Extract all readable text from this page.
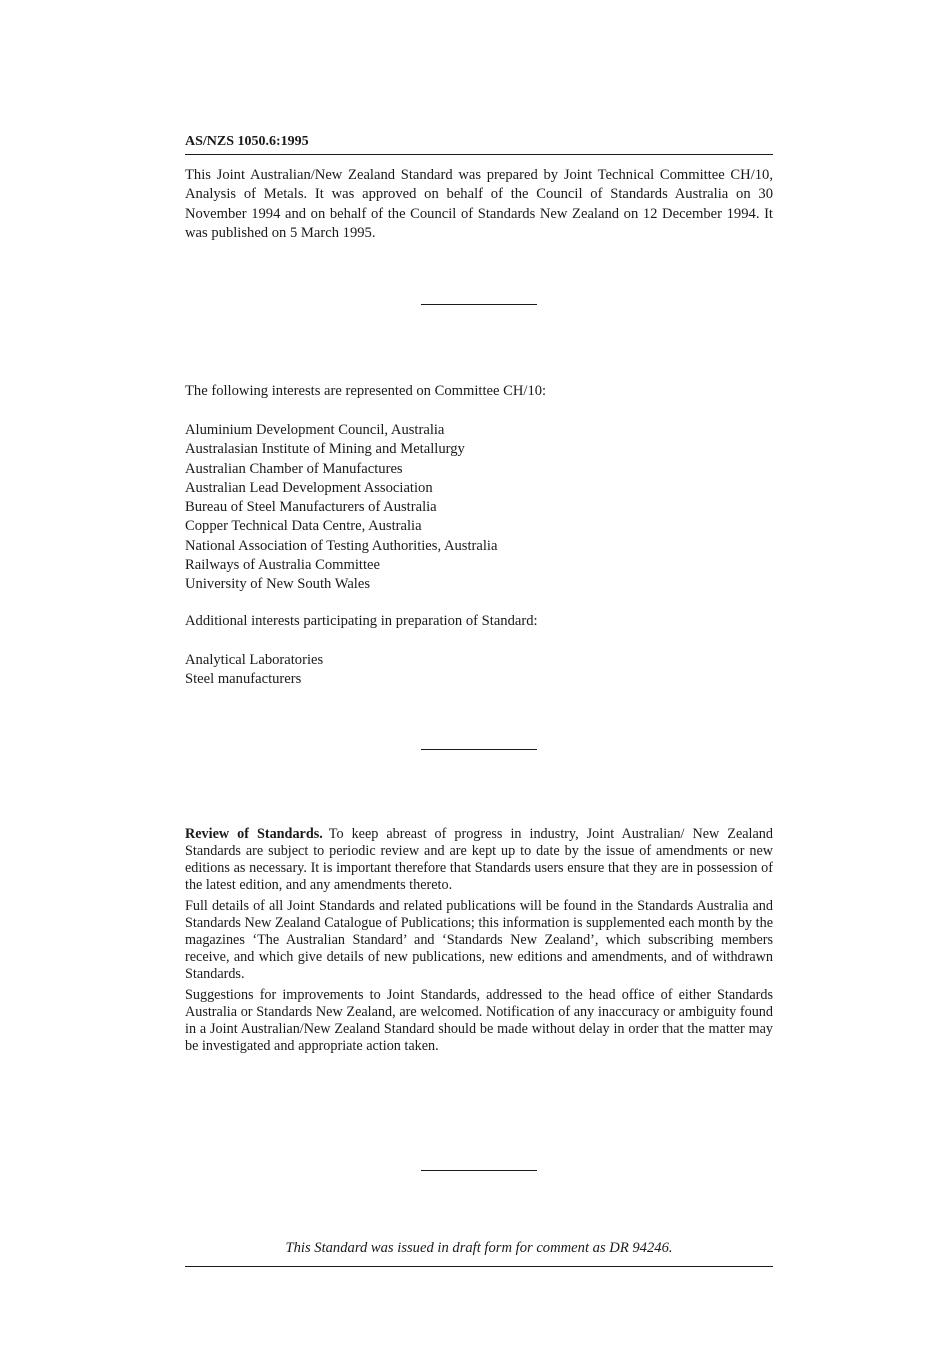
AS/NZS 1050.6:1995
This Joint Australian/New Zealand Standard was prepared by Joint Technical Committee CH/10, Analysis of Metals. It was approved on behalf of the Council of Standards Australia on 30 November 1994 and on behalf of the Council of Standards New Zealand on 12 December 1994. It was published on 5 March 1995.
The following interests are represented on Committee CH/10:
Aluminium Development Council, Australia
Australasian Institute of Mining and Metallurgy
Australian Chamber of Manufactures
Australian Lead Development Association
Bureau of Steel Manufacturers of Australia
Copper Technical Data Centre, Australia
National Association of Testing Authorities, Australia
Railways of Australia Committee
University of New South Wales
Additional interests participating in preparation of Standard:
Analytical Laboratories
Steel manufacturers

Review of Standards. To keep abreast of progress in industry, Joint Australian/ New Zealand Standards are subject to periodic review and are kept up to date by the issue of amendments or new editions as necessary. It is important therefore that Standards users ensure that they are in possession of the latest edition, and any amendments thereto.

Full details of all Joint Standards and related publications will be found in the Standards Australia and Standards New Zealand Catalogue of Publications; this information is supplemented each month by the magazines ‘The Australian Standard’ and ‘Standards New Zealand’, which subscribing members receive, and which give details of new publications, new editions and amendments, and of withdrawn Standards.

Suggestions for improvements to Joint Standards, addressed to the head office of either Standards Australia or Standards New Zealand, are welcomed. Notification of any inaccuracy or ambiguity found in a Joint Australian/New Zealand Standard should be made without delay in order that the matter may be investigated and appropriate action taken.

This Standard was issued in draft form for comment as DR 94246.
